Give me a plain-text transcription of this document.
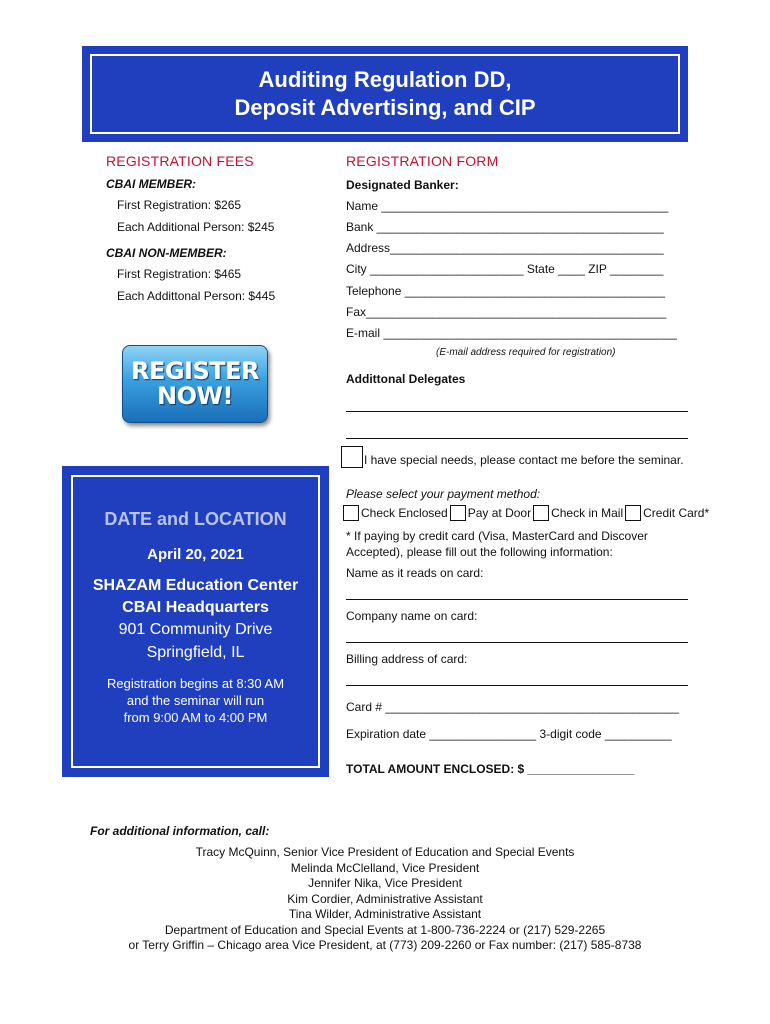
Auditing Regulation DD,
Deposit Advertising, and CIP
REGISTRATION FEES
CBAI MEMBER:
First Registration: $265
Each Additional Person: $245
CBAI NON-MEMBER:
First Registration: $465
Each Addittonal Person: $445
REGISTER
NOW!
REGISTRATION FORM
Designated Banker:
Name ___________________________________________
Bank ___________________________________________
Address_________________________________________
City _______________________ State ____ ZIP ________
Telephone _______________________________________
Fax_____________________________________________
E-mail ____________________________________________
(E-mail address required for registration)
Addittonal Delegates
I have special needs, please contact me before the seminar.
Please select your payment method:
Check Enclosed Pay at Door Check in Mail Credit Card*
* If paying by credit card (Visa, MasterCard and Discover
Accepted), please fill out the following information:
Name as it reads on card:
Company name on card:
Billing address of card:
Card # ____________________________________________
Expiration date ________________ 3-digit code __________
TOTAL AMOUNT ENCLOSED: $ ________________
DATE and LOCATION
April 20, 2021
SHAZAM Education Center
CBAI Headquarters
901 Community Drive
Springfield, IL
Registration begins at 8:30 AM
and the seminar will run
from 9:00 AM to 4:00 PM
For additional information, call:
Tracy McQuinn, Senior Vice President of Education and Special Events
Melinda McClelland, Vice President
Jennifer Nika, Vice President
Kim Cordier, Administrative Assistant
Tina Wilder, Administrative Assistant
Department of Education and Special Events at 1-800-736-2224 or (217) 529-2265
or Terry Griffin – Chicago area Vice President, at (773) 209-2260 or Fax number: (217) 585-8738
